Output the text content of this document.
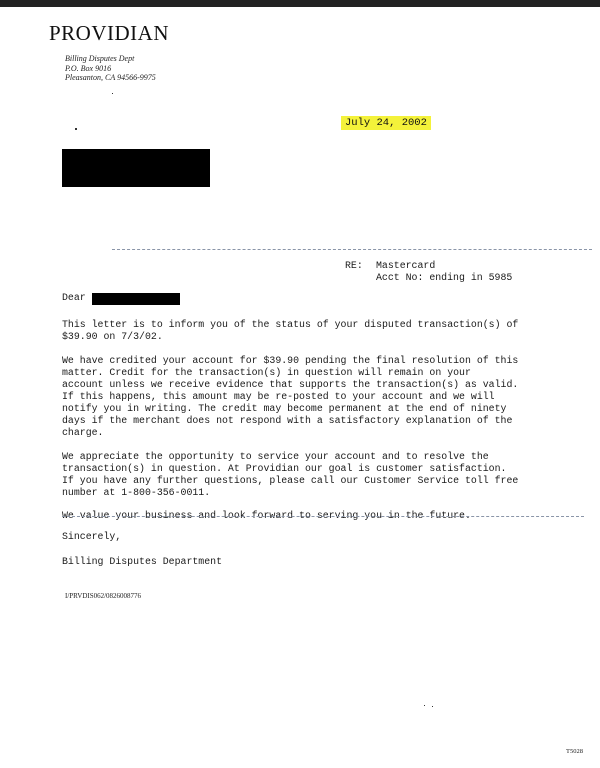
PROVIDIAN
Billing Disputes Dept
P.O. Box 9016
Pleasanton, CA 94566-9975
July 24, 2002
RE: Mastercard
Acct No: ending in 5985
Dear
This letter is to inform you of the status of your disputed transaction(s) of
$39.90 on 7/3/02.
We have credited your account for $39.90 pending the final resolution of this
matter. Credit for the transaction(s) in question will remain on your
account unless we receive evidence that supports the transaction(s) as valid.
If this happens, this amount may be re-posted to your account and we will
notify you in writing. The credit may become permanent at the end of ninety
days if the merchant does not respond with a satisfactory explanation of the
charge.
We appreciate the opportunity to service your account and to resolve the
transaction(s) in question. At Providian our goal is customer satisfaction.
If you have any further questions, please call our Customer Service toll free
number at 1-800-356-0011.
We value your business and look forward to serving you in the future.
Sincerely,
Billing Disputes Department
I/PRVDIS062/0826008776
T5028
